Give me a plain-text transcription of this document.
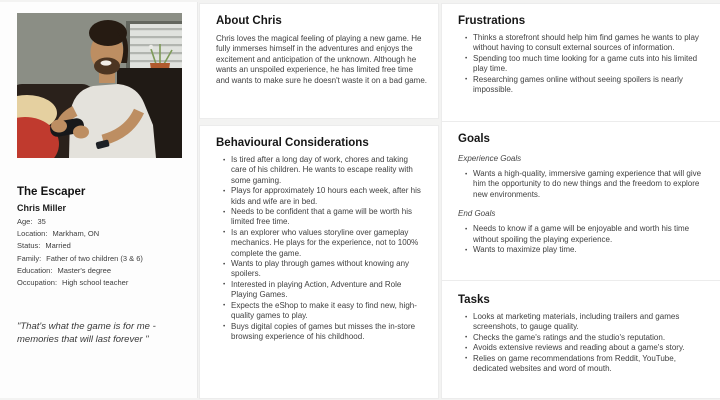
The Escaper
Chris Miller
Age: 35
Location: Markham, ON
Status: Married
Family: Father of two children (3 & 6)
Education: Master's degree
Occupation: High school teacher

"That's what the game is for me - memories that will last forever "

About Chris

Chris loves the magical feeling of playing a new game. He fully immerses himself in the adventures and enjoys the excitement and anticipation of the unknown. Although he wants an unspoiled experience, he has limited free time and wants to make sure he doesn't waste it on a bad game.

Behavioural Considerations
• Is tired after a long day of work, chores and taking care of his children. He wants to escape reality with some gaming.
• Plays for approximately 10 hours each week, after his kids and wife are in bed.
• Needs to be confident that a game will be worth his limited free time.
• Is an explorer who values storyline over gameplay mechanics. He plays for the experience, not to 100% complete the game.
• Wants to play through games without knowing any spoilers.
• Interested in playing Action, Adventure and Role Playing Games.
• Expects the eShop to make it easy to find new, high-quality games to play.
• Buys digital copies of games but misses the in-store browsing experience of his childhood.
Frustrations
• Thinks a storefront should help him find games he wants to play without having to consult external sources of information.
• Spending too much time looking for a game cuts into his limited play time.
• Researching games online without seeing spoilers is nearly impossible.
Goals
Experience Goals
• Wants a high-quality, immersive gaming experience that will give him the opportunity to do new things and the freedom to explore new environments.
End Goals
• Needs to know if a game will be enjoyable and worth his time without spoiling the playing experience.
• Wants to maximize play time.
Tasks
• Looks at marketing materials, including trailers and games screenshots, to gauge quality.
• Checks the game's ratings and the studio's reputation.
• Avoids extensive reviews and reading about a game's story.
• Relies on game recommendations from Reddit, YouTube, dedicated websites and word of mouth.
